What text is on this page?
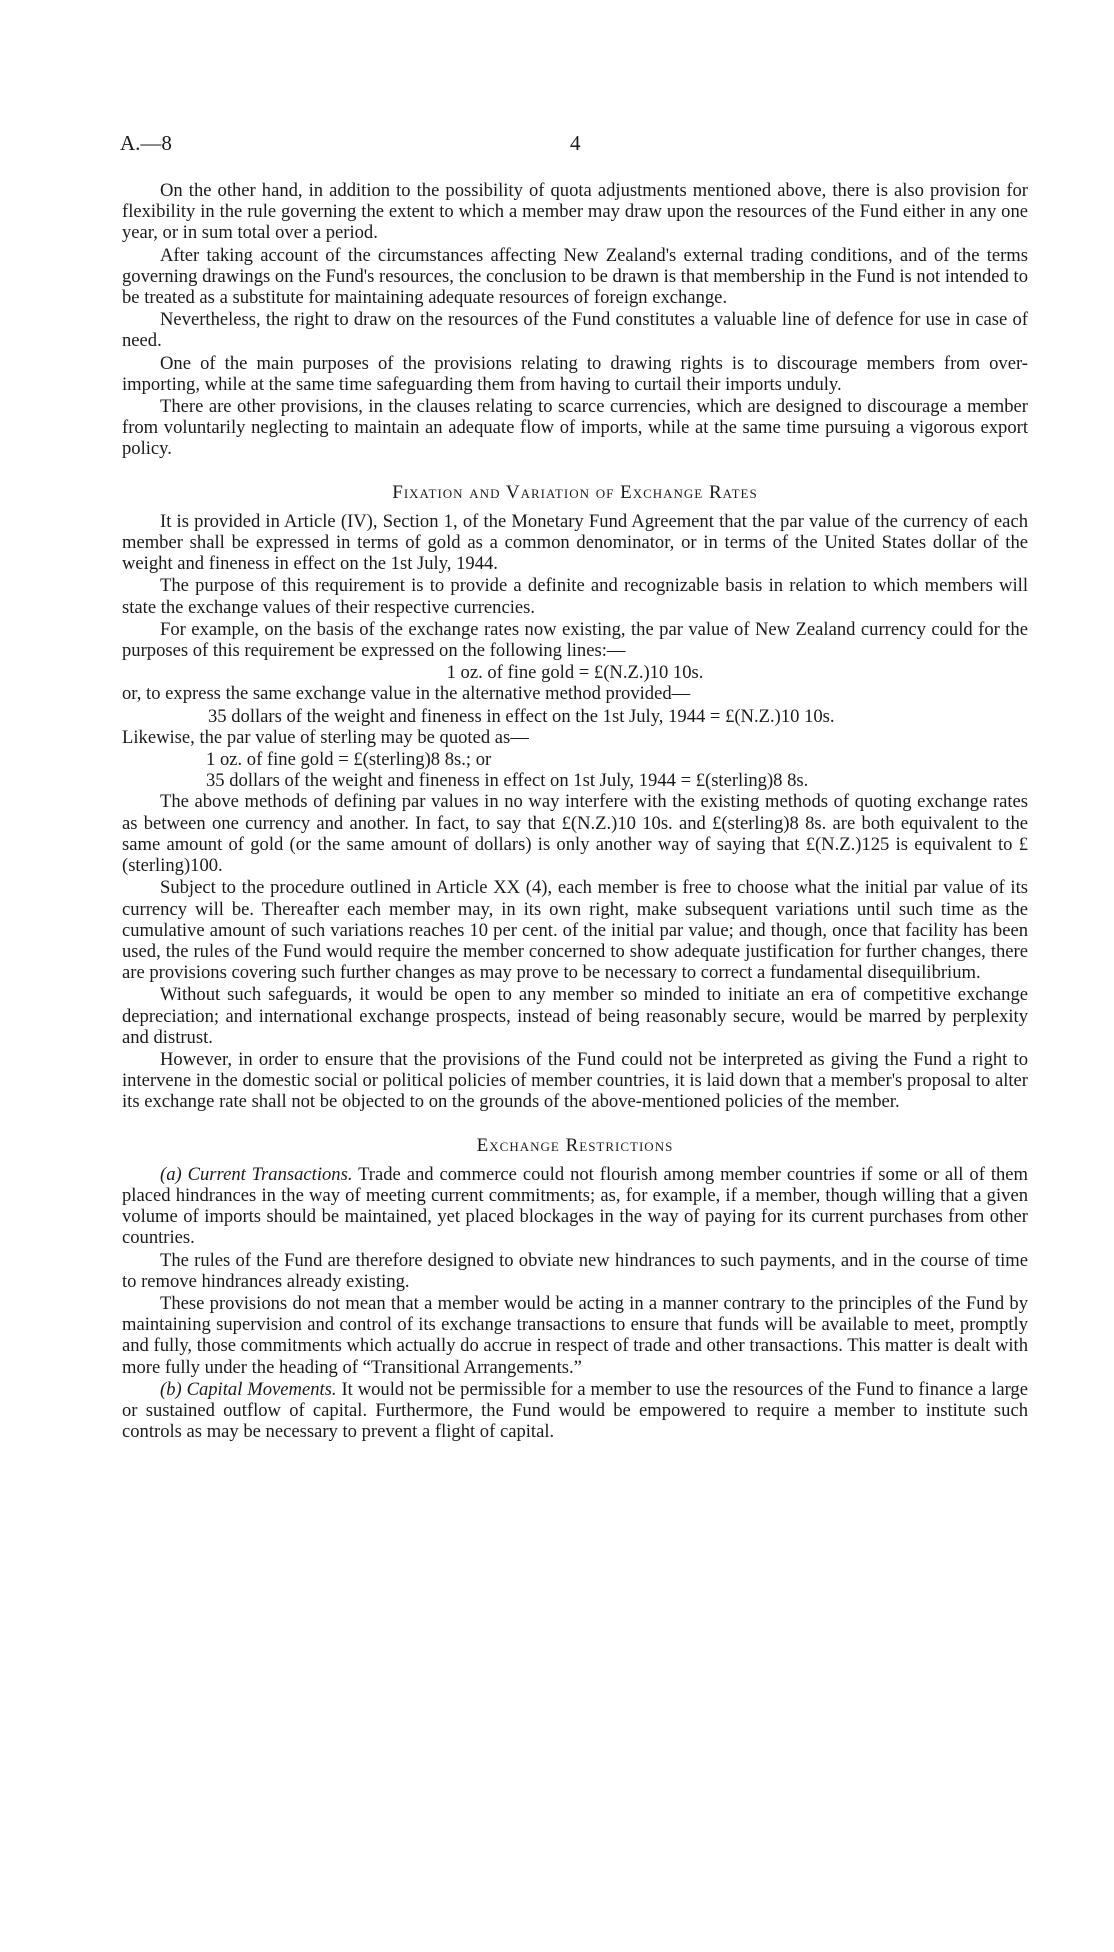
A.—8	4

On the other hand, in addition to the possibility of quota adjustments mentioned above, there is also provision for flexibility in the rule governing the extent to which a member may draw upon the resources of the Fund either in any one year, or in sum total over a period.

After taking account of the circumstances affecting New Zealand's external trading conditions, and of the terms governing drawings on the Fund's resources, the conclusion to be drawn is that membership in the Fund is not intended to be treated as a substitute for maintaining adequate resources of foreign exchange.

Nevertheless, the right to draw on the resources of the Fund constitutes a valuable line of defence for use in case of need.

One of the main purposes of the provisions relating to drawing rights is to discourage members from over-importing, while at the same time safeguarding them from having to curtail their imports unduly.

There are other provisions, in the clauses relating to scarce currencies, which are designed to discourage a member from voluntarily neglecting to maintain an adequate flow of imports, while at the same time pursuing a vigorous export policy.

Fixation and Variation of Exchange Rates

It is provided in Article (IV), Section 1, of the Monetary Fund Agreement that the par value of the currency of each member shall be expressed in terms of gold as a common denominator, or in terms of the United States dollar of the weight and fineness in effect on the 1st July, 1944.

The purpose of this requirement is to provide a definite and recognizable basis in relation to which members will state the exchange values of their respective currencies.

For example, on the basis of the exchange rates now existing, the par value of New Zealand currency could for the purposes of this requirement be expressed on the following lines:—

1 oz. of fine gold = £(N.Z.)10 10s.

or, to express the same exchange value in the alternative method provided—

35 dollars of the weight and fineness in effect on the 1st July, 1944 = £(N.Z.)10 10s.

Likewise, the par value of sterling may be quoted as—

1 oz. of fine gold = £(sterling)8 8s.; or

35 dollars of the weight and fineness in effect on 1st July, 1944 = £(sterling)8 8s.

The above methods of defining par values in no way interfere with the existing methods of quoting exchange rates as between one currency and another. In fact, to say that £(N.Z.)10 10s. and £(sterling)8 8s. are both equivalent to the same amount of gold (or the same amount of dollars) is only another way of saying that £(N.Z.)125 is equivalent to £(sterling)100.

Subject to the procedure outlined in Article XX (4), each member is free to choose what the initial par value of its currency will be. Thereafter each member may, in its own right, make subsequent variations until such time as the cumulative amount of such variations reaches 10 per cent. of the initial par value; and though, once that facility has been used, the rules of the Fund would require the member concerned to show adequate justification for further changes, there are provisions covering such further changes as may prove to be necessary to correct a fundamental disequilibrium.

Without such safeguards, it would be open to any member so minded to initiate an era of competitive exchange depreciation; and international exchange prospects, instead of being reasonably secure, would be marred by perplexity and distrust.

However, in order to ensure that the provisions of the Fund could not be interpreted as giving the Fund a right to intervene in the domestic social or political policies of member countries, it is laid down that a member's proposal to alter its exchange rate shall not be objected to on the grounds of the above-mentioned policies of the member.

Exchange Restrictions

(a) Current Transactions. Trade and commerce could not flourish among member countries if some or all of them placed hindrances in the way of meeting current commitments; as, for example, if a member, though willing that a given volume of imports should be maintained, yet placed blockages in the way of paying for its current purchases from other countries.

The rules of the Fund are therefore designed to obviate new hindrances to such payments, and in the course of time to remove hindrances already existing.

These provisions do not mean that a member would be acting in a manner contrary to the principles of the Fund by maintaining supervision and control of its exchange transactions to ensure that funds will be available to meet, promptly and fully, those commitments which actually do accrue in respect of trade and other transactions. This matter is dealt with more fully under the heading of “Transitional Arrangements.”

(b) Capital Movements. It would not be permissible for a member to use the resources of the Fund to finance a large or sustained outflow of capital. Furthermore, the Fund would be empowered to require a member to institute such controls as may be necessary to prevent a flight of capital.
